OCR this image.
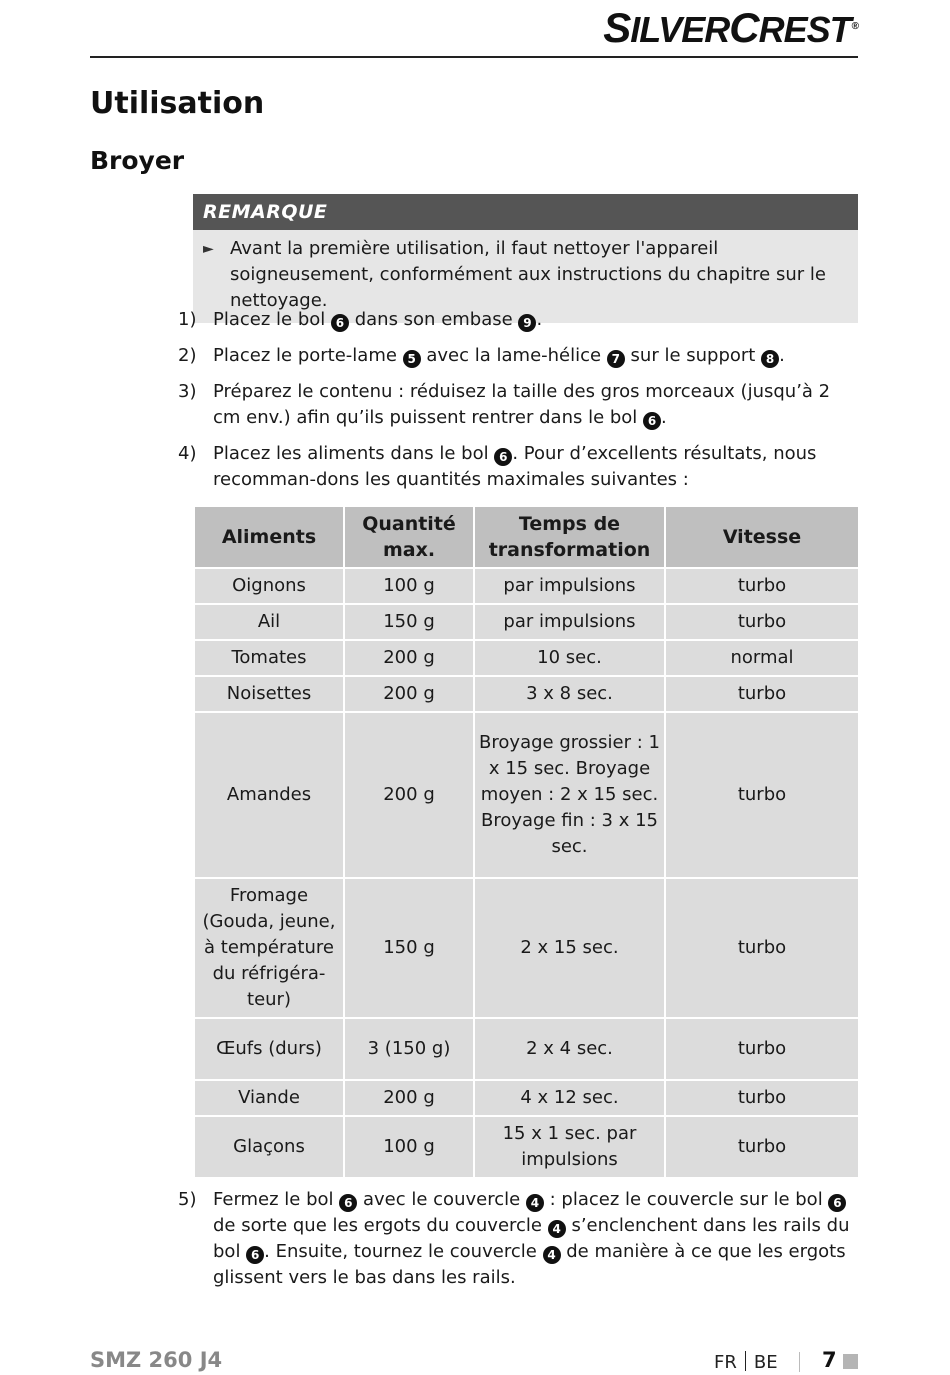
SILVERCREST®
Utilisation
Broyer
REMARQUE
► Avant la première utilisation, il faut nettoyer l'appareil soigneusement, conformément aux instructions du chapitre sur le nettoyage.
1) Placez le bol 6 dans son embase 9 .
2) Placez le porte-lame 5 avec la lame-hélice 7 sur le support 8 .
3) Préparez le contenu : réduisez la taille des gros morceaux (jusqu’à 2 cm env.) afin qu’ils puissent rentrer dans le bol 6 .
4) Placez les aliments dans le bol 6 . Pour d’excellents résultats, nous recomman-dons les quantités maximales suivantes :
Aliments	Quantité max.	Temps de transformation	Vitesse
Oignons	100 g	par impulsions	turbo
Ail	150 g	par impulsions	turbo
Tomates	200 g	10 sec.	normal
Noisettes	200 g	3 x 8 sec.	turbo
Amandes	200 g	Broyage grossier : 1 x 15 sec. Broyage moyen : 2 x 15 sec. Broyage fin : 3 x 15 sec.	turbo
Fromage (Gouda, jeune, à température du réfrigéra-teur)	150 g	2 x 15 sec.	turbo
Œufs (durs)	3 (150 g)	2 x 4 sec.	turbo
Viande	200 g	4 x 12 sec.	turbo
Glaçons	100 g	15 x 1 sec. par impulsions	turbo
5) Fermez le bol 6 avec le couvercle 4 : placez le couvercle sur le bol 6 de sorte que les ergots du couvercle 4 s’enclenchent dans les rails du bol 6 . Ensuite, tournez le couvercle 4 de manière à ce que les ergots glissent vers le bas dans les rails.
SMZ 260 J4	FR BE 7
